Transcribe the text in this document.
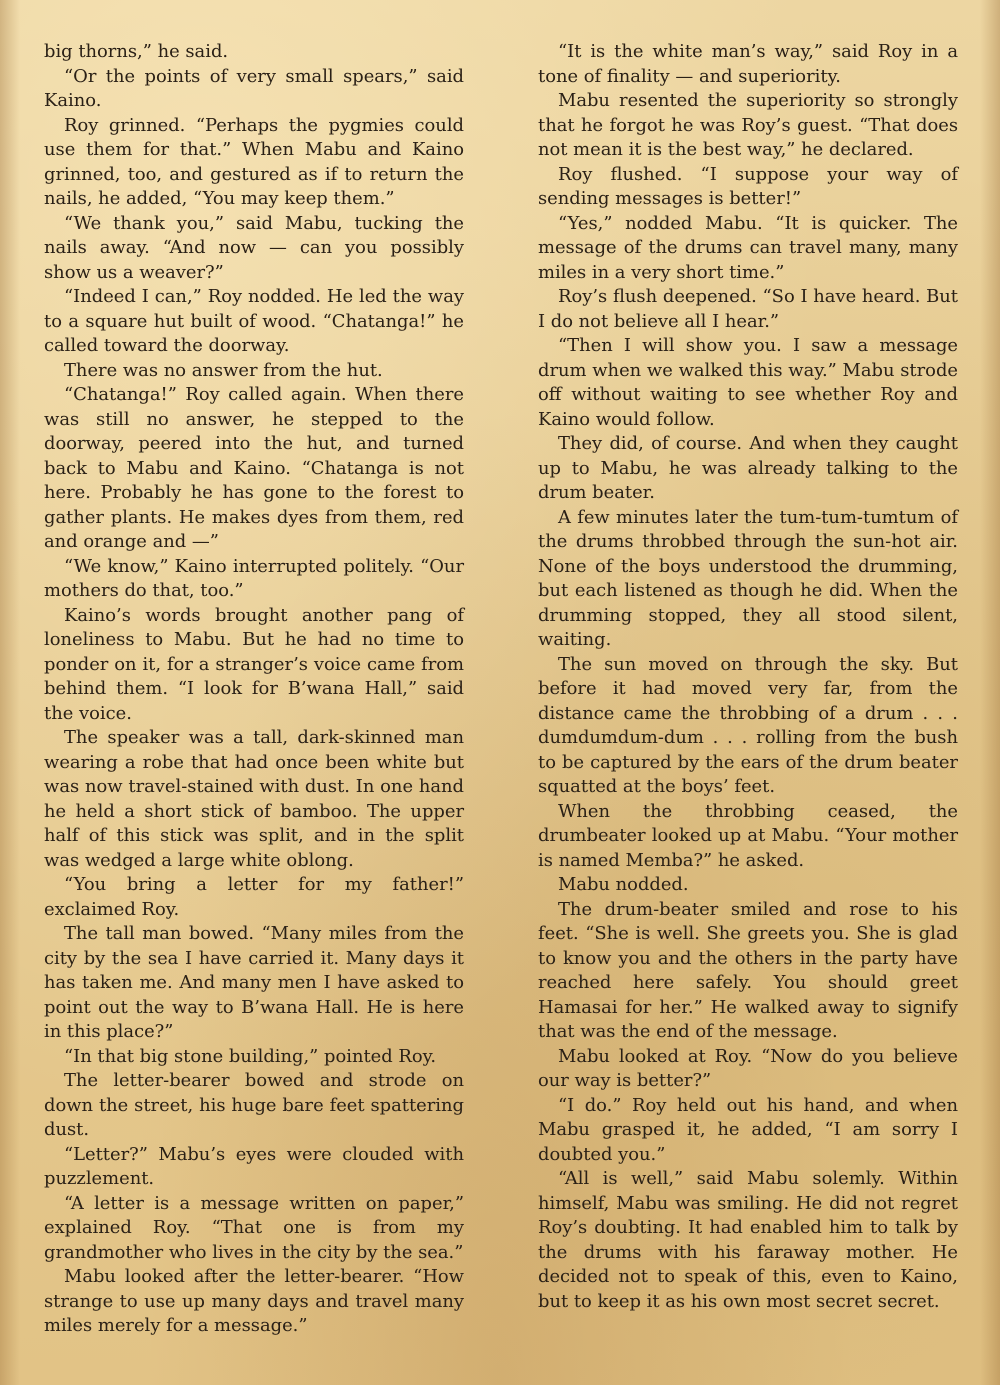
big thorns,” he said.

“Or the points of very small spears,” said Kaino.

Roy grinned. “Perhaps the pygmies could use them for that.” When Mabu and Kaino grinned, too, and gestured as if to return the nails, he added, “You may keep them.”

“We thank you,” said Mabu, tucking the nails away. “And now — can you possibly show us a weaver?”

“Indeed I can,” Roy nodded. He led the way to a square hut built of wood. “Chatanga!” he called toward the doorway.

There was no answer from the hut.

“Chatanga!” Roy called again. When there was still no answer, he stepped to the doorway, peered into the hut, and turned back to Mabu and Kaino. “Chatanga is not here. Probably he has gone to the forest to gather plants. He makes dyes from them, red and orange and —”

“We know,” Kaino interrupted politely. “Our mothers do that, too.”

Kaino’s words brought another pang of loneliness to Mabu. But he had no time to ponder on it, for a stranger’s voice came from behind them. “I look for B’wana Hall,” said the voice.

The speaker was a tall, dark-skinned man wearing a robe that had once been white but was now travel-stained with dust. In one hand he held a short stick of bamboo. The upper half of this stick was split, and in the split was wedged a large white oblong.

“You bring a letter for my father!” exclaimed Roy.

The tall man bowed. “Many miles from the city by the sea I have carried it. Many days it has taken me. And many men I have asked to point out the way to B’wana Hall. He is here in this place?”

“In that big stone building,” pointed Roy.

The letter-bearer bowed and strode on down the street, his huge bare feet spattering dust.

“Letter?” Mabu’s eyes were clouded with puzzlement.

“A letter is a message written on paper,” explained Roy. “That one is from my grandmother who lives in the city by the sea.”

Mabu looked after the letter-bearer. “How strange to use up many days and travel many miles merely for a message.”

“It is the white man’s way,” said Roy in a tone of finality — and superiority.

Mabu resented the superiority so strongly that he forgot he was Roy’s guest. “That does not mean it is the best way,” he declared.

Roy flushed. “I suppose your way of sending messages is better!”

“Yes,” nodded Mabu. “It is quicker. The message of the drums can travel many, many miles in a very short time.”

Roy’s flush deepened. “So I have heard. But I do not believe all I hear.”

“Then I will show you. I saw a message drum when we walked this way.” Mabu strode off without waiting to see whether Roy and Kaino would follow.

They did, of course. And when they caught up to Mabu, he was already talking to the drum beater.

A few minutes later the tum-tum-tumtum of the drums throbbed through the sun-hot air. None of the boys understood the drumming, but each listened as though he did. When the drumming stopped, they all stood silent, waiting.

The sun moved on through the sky. But before it had moved very far, from the distance came the throbbing of a drum . . . dumdumdum-dum . . . rolling from the bush to be captured by the ears of the drum beater squatted at the boys’ feet.

When the throbbing ceased, the drumbeater looked up at Mabu. “Your mother is named Memba?” he asked.

Mabu nodded.

The drum-beater smiled and rose to his feet. “She is well. She greets you. She is glad to know you and the others in the party have reached here safely. You should greet Hamasai for her.” He walked away to signify that was the end of the message.

Mabu looked at Roy. “Now do you believe our way is better?”

“I do.” Roy held out his hand, and when Mabu grasped it, he added, “I am sorry I doubted you.”

“All is well,” said Mabu solemly. Within himself, Mabu was smiling. He did not regret Roy’s doubting. It had enabled him to talk by the drums with his faraway mother. He decided not to speak of this, even to Kaino, but to keep it as his own most secret secret.
